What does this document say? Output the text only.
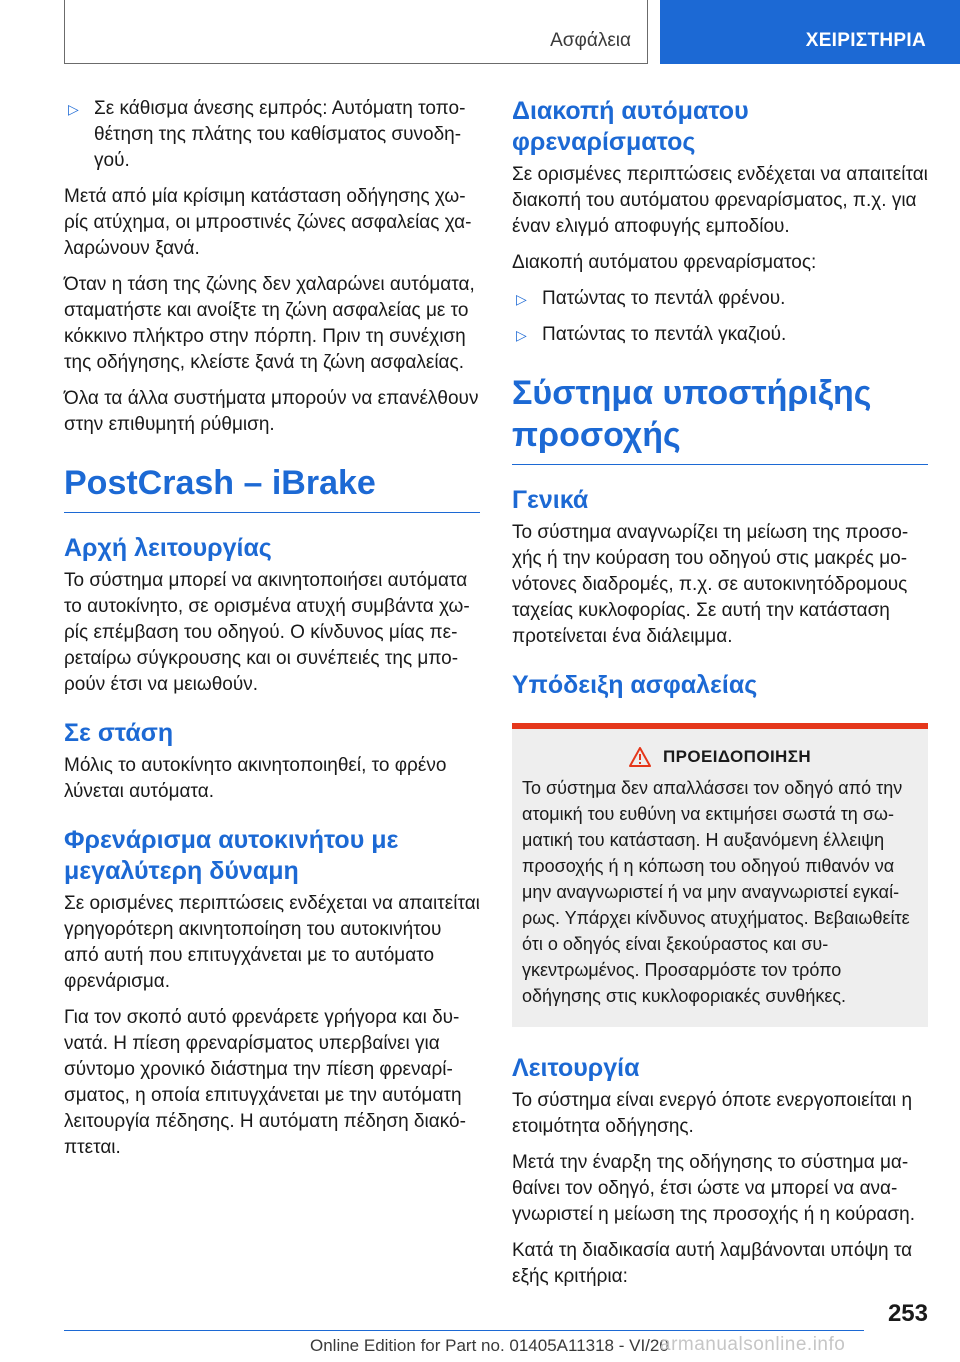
Ασφάλεια	ΧΕΙΡΙΣΤΗΡΙΑ
▷ Σε κάθισμα άνεσης εμπρός: Αυτόματη τοποθέτηση της πλάτης του καθίσματος συνοδηγού.

Μετά από μία κρίσιμη κατάσταση οδήγησης χωρίς ατύχημα, οι μπροστινές ζώνες ασφαλείας χαλαρώνουν ξανά.

Όταν η τάση της ζώνης δεν χαλαρώνει αυτόματα, σταματήστε και ανοίξτε τη ζώνη ασφαλείας με το κόκκινο πλήκτρο στην πόρπη. Πριν τη συνέχιση της οδήγησης, κλείστε ξανά τη ζώνη ασφαλείας.

Όλα τα άλλα συστήματα μπορούν να επανέλθουν στην επιθυμητή ρύθμιση.

PostCrash – iBrake
Αρχή λειτουργίας

Το σύστημα μπορεί να ακινητοποιήσει αυτόματα το αυτοκίνητο, σε ορισμένα ατυχή συμβάντα χωρίς επέμβαση του οδηγού. Ο κίνδυνος μίας περεταίρω σύγκρουσης και οι συνέπειές της μπορούν έτσι να μειωθούν.

Σε στάση

Μόλις το αυτοκίνητο ακινητοποιηθεί, το φρένο λύνεται αυτόματα.

Φρενάρισμα αυτοκινήτου με μεγαλύτερη δύναμη

Σε ορισμένες περιπτώσεις ενδέχεται να απαιτείται γρηγορότερη ακινητοποίηση του αυτοκινήτου από αυτή που επιτυγχάνεται με το αυτόματο φρενάρισμα.

Για τον σκοπό αυτό φρενάρετε γρήγορα και δυνατά. Η πίεση φρεναρίσματος υπερβαίνει για σύντομο χρονικό διάστημα την πίεση φρεναρίσματος, η οποία επιτυγχάνεται με την αυτόματη λειτουργία πέδησης. Η αυτόματη πέδηση διακόπτεται.

Διακοπή αυτόματου φρεναρίσματος

Σε ορισμένες περιπτώσεις ενδέχεται να απαιτείται διακοπή του αυτόματου φρεναρίσματος, π.χ. για έναν ελιγμό αποφυγής εμποδίου.

Διακοπή αυτόματου φρεναρίσματος:

▷ Πατώντας το πεντάλ φρένου.
▷ Πατώντας το πεντάλ γκαζιού.
Σύστημα υποστήριξης προσοχής
Γενικά

Το σύστημα αναγνωρίζει τη μείωση της προσοχής ή την κούραση του οδηγού στις μακρές μονότονες διαδρομές, π.χ. σε αυτοκινητόδρομους ταχείας κυκλοφορίας. Σε αυτή την κατάσταση προτείνεται ένα διάλειμμα.

Υπόδειξη ασφαλείας
ΠΡΟΕΙΔΟΠΟΙΗΣΗ

Το σύστημα δεν απαλλάσσει τον οδηγό από την ατομική του ευθύνη να εκτιμήσει σωστά τη σωματική του κατάσταση. Η αυξανόμενη έλλειψη προσοχής ή η κόπωση του οδηγού πιθανόν να μην αναγνωριστεί ή να μην αναγνωριστεί εγκαίρως. Υπάρχει κίνδυνος ατυχήματος. Βεβαιωθείτε ότι ο οδηγός είναι ξεκούραστος και συγκεντρωμένος. Προσαρμόστε τον τρόπο οδήγησης στις κυκλοφοριακές συνθήκες.

Λειτουργία

Το σύστημα είναι ενεργό όποτε ενεργοποιείται η ετοιμότητα οδήγησης.

Μετά την έναρξη της οδήγησης το σύστημα μαθαίνει τον οδηγό, έτσι ώστε να μπορεί να αναγνωριστεί η μείωση της προσοχής ή η κούραση.

Κατά τη διαδικασία αυτή λαμβάνονται υπόψη τα εξής κριτήρια:

253
Online Edition for Part no. 01405A11318 - VI/20
armanualsonline.info
